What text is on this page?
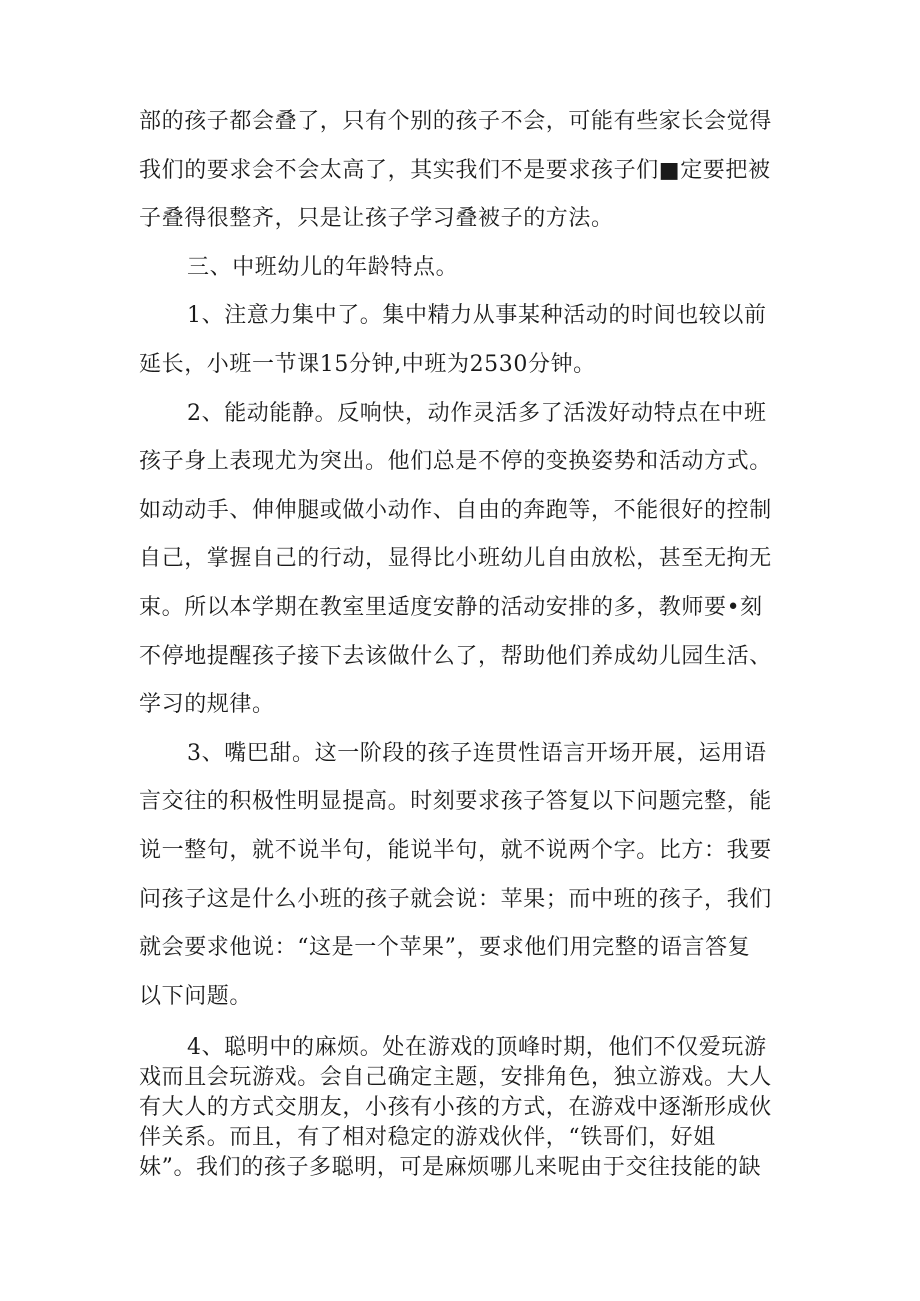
部的孩子都会叠了，只有个别的孩子不会，可能有些家长会觉得
我们的要求会不会太高了，其实我们不是要求孩子们■定要把被
子叠得很整齐，只是让孩子学习叠被子的方法。

三、中班幼儿的年龄特点。

1、注意力集中了。集中精力从事某种活动的时间也较以前
延长，小班一节课15分钟,中班为2530分钟。

2、能动能静。反响快，动作灵活多了活泼好动特点在中班
孩子身上表现尤为突出。他们总是不停的变换姿势和活动方式。
如动动手、伸伸腿或做小动作、自由的奔跑等，不能很好的控制
自己，掌握自己的行动，显得比小班幼儿自由放松，甚至无拘无
束。所以本学期在教室里适度安静的活动安排的多，教师要•刻
不停地提醒孩子接下去该做什么了，帮助他们养成幼儿园生活、
学习的规律。

3、嘴巴甜。这一阶段的孩子连贯性语言开场开展，运用语
言交往的积极性明显提高。时刻要求孩子答复以下问题完整，能
说一整句，就不说半句，能说半句，就不说两个字。比方：我要
问孩子这是什么小班的孩子就会说：苹果；而中班的孩子，我们
就会要求他说：“这是一个苹果”，要求他们用完整的语言答复
以下问题。

4、聪明中的麻烦。处在游戏的顶峰时期，他们不仅爱玩游
戏而且会玩游戏。会自己确定主题，安排角色，独立游戏。大人
有大人的方式交朋友，小孩有小孩的方式，在游戏中逐渐形成伙
伴关系。而且，有了相对稳定的游戏伙伴，“铁哥们，好姐
妹”。我们的孩子多聪明，可是麻烦哪儿来呢由于交往技能的缺
